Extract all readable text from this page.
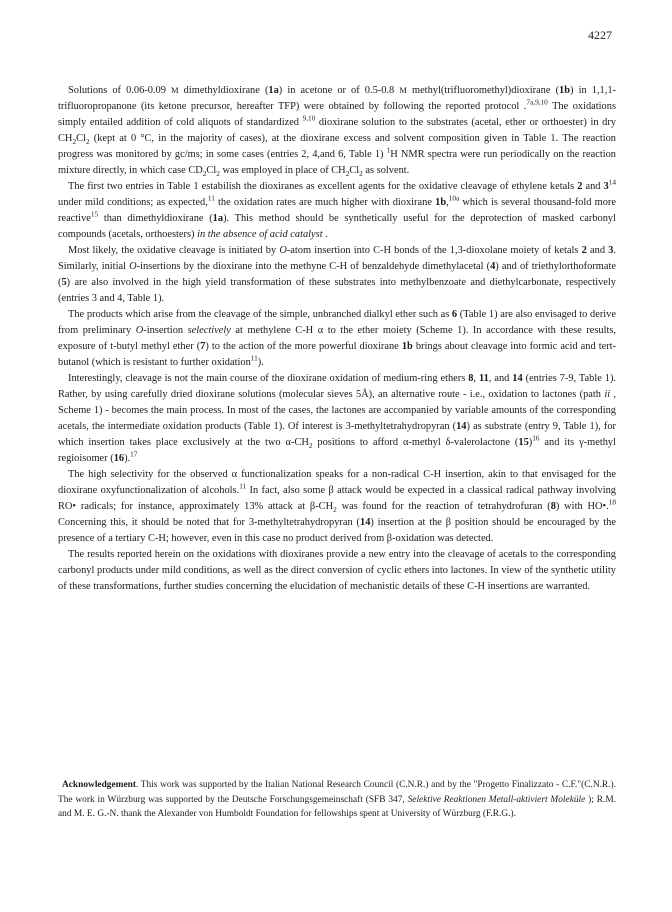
4227

Solutions of 0.06-0.09 M dimethyldioxirane (1a) in acetone or of 0.5-0.8 M methyl(trifluoromethyl)dioxirane (1b) in 1,1,1-trifluoropropanone (its ketone precursor, hereafter TFP) were obtained by following the reported protocol .$^{7a,9,10}$ The oxidations simply entailed addition of cold aliquots of standardized $^{9,10}$ dioxirane solution to the substrates (acetal, ether or orthoester) in dry $CH_2Cl_2$ (kept at 0 °C, in the majority of cases), at the dioxirane excess and solvent composition given in Table 1. The reaction progress was monitored by gc/ms; in some cases (entries 2, 4,and 6, Table 1) $^1$H NMR spectra were run periodically on the reaction mixture directly, in which case $CD_2Cl_2$ was employed in place of $CH_2Cl_2$ as solvent.

The first two entries in Table 1 estabilish the dioxiranes as excellent agents for the oxidative cleavage of ethylene ketals 2 and $3^{14}$ under mild conditions; as expected,$^{11}$ the oxidation rates are much higher with dioxirane 1b,$^{10a}$ which is several thousand-fold more reactive$^{15}$ than dimethyldioxirane (1a). This method should be synthetically useful for the deprotection of masked carbonyl compounds (acetals, orthoesters) in the absence of acid catalyst .

Most likely, the oxidative cleavage is initiated by O-atom insertion into C-H bonds of the 1,3-dioxolane moiety of ketals 2 and 3. Similarly, initial O-insertions by the dioxirane into the methyne C-H of benzaldehyde dimethylacetal (4) and of triethylorthoformate (5) are also involved in the high yield transformation of these substrates into methylbenzoate and diethylcarbonate, respectively (entries 3 and 4, Table 1).

The products which arise from the cleavage of the simple, unbranched dialkyl ether such as 6 (Table 1) are also envisaged to derive from preliminary O-insertion selectively at methylene C-H α to the ether moiety (Scheme 1). In accordance with these results, exposure of t-butyl methyl ether (7) to the action of the more powerful dioxirane 1b brings about cleavage into formic acid and tert-butanol (which is resistant to further oxidation$^{11}$).

Interestingly, cleavage is not the main course of the dioxirane oxidation of medium-ring ethers 8, 11, and 14 (entries 7-9, Table 1). Rather, by using carefully dried dioxirane solutions (molecular sieves 5Å), an alternative route - i.e., oxidation to lactones (path ii , Scheme 1) - becomes the main process. In most of the cases, the lactones are accompanied by variable amounts of the corresponding acetals, the intermediate oxidation products (Table 1). Of interest is 3-methyltetrahydropyran (14) as substrate (entry 9, Table 1), for which insertion takes place exclusively at the two $\alpha-CH_2$ positions to afford α-methyl δ-valerolactone $(15)^{16}$ and its γ-methyl regioisomer (16).$^{17}$

The high selectivity for the observed α functionalization speaks for a non-radical C-H insertion, akin to that envisaged for the dioxirane oxyfunctionalization of alcohols.$^{11}$ In fact, also some β attack would be expected in a classical radical pathway involving RO• radicals; for instance, approximately 13% attack at $\beta-CH_2$ was found for the reaction of tetrahydrofuran (8) with HO•.$^{18}$ Concerning this, it should be noted that for 3-methyltetrahydropyran (14) insertion at the β position should be encouraged by the presence of a tertiary C-H; however, even in this case no product derived from β-oxidation was detected.

The results reported herein on the oxidations with dioxiranes provide a new entry into the cleavage of acetals to the corresponding carbonyl products under mild conditions, as well as the direct conversion of cyclic ethers into lactones. In view of the synthetic utility of these transformations, further studies concerning the elucidation of mechanistic details of these C-H insertions are warranted.

Acknowledgement. This work was supported by the Italian National Research Council (C.N.R.) and by the "Progetto Finalizzato - C.F."(C.N.R.). The work in Würzburg was supported by the Deutsche Forschungsgemeinschaft (SFB 347, Selektive Reaktionen Metall-aktiviert Moleküle ); R.M. and M. E. G.-N. thank the Alexander von Humboldt Foundation for fellowships spent at University of Würzburg (F.R.G.).
